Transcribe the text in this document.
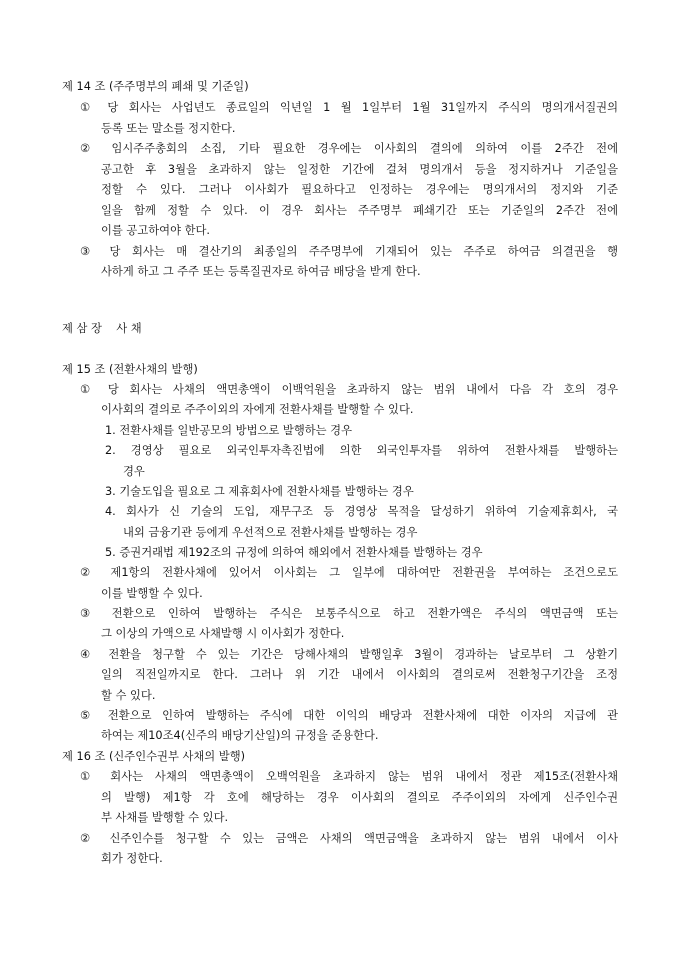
제 14 조 (주주명부의 폐쇄 및 기준일)
① 당 회사는 사업년도 종료일의 익년일 1 월 1일부터 1월 31일까지 주식의 명의개서질권의
등록 또는 말소를 정지한다.
② 임시주주총회의 소집, 기타 필요한 경우에는 이사회의 결의에 의하여 이를 2주간 전에
공고한 후 3월을 초과하지 않는 일정한 기간에 걸쳐 명의개서 등을 정지하거나 기준일을
정할 수 있다. 그러나 이사회가 필요하다고 인정하는 경우에는 명의개서의 정지와 기준
일을 함께 정할 수 있다. 이 경우 회사는 주주명부 폐쇄기간 또는 기준일의 2주간 전에
이를 공고하여야 한다.
③ 당 회사는 매 결산기의 최종일의 주주명부에 기재되어 있는 주주로 하여금 의결권을 행
사하게 하고 그 주주 또는 등록질권자로 하여금 배당을 받게 한다.
제 삼 장    사 채
제 15 조 (전환사채의 발행)
① 당 회사는 사채의 액면총액이 이백억원을 초과하지 않는 범위 내에서 다음 각 호의 경우
이사회의 결의로 주주이외의 자에게 전환사채를 발행할 수 있다.
1. 전환사채를 일반공모의 방법으로 발행하는 경우
2. 경영상 필요로 외국인투자촉진법에 의한 외국인투자를 위하여 전환사채를 발행하는
경우
3. 기술도입을 필요로 그 제휴회사에 전환사채를 발행하는 경우
4. 회사가 신 기술의 도입, 재무구조 등 경영상 목적을 달성하기 위하여 기술제휴회사, 국
내외 금융기관 등에게 우선적으로 전환사채를 발행하는 경우
5. 증권거래법 제192조의 규정에 의하여 해외에서 전환사채를 발행하는 경우
② 제1항의 전환사채에 있어서 이사회는 그 일부에 대하여만 전환권을 부여하는 조건으로도
이를 발행할 수 있다.
③ 전환으로 인하여 발행하는 주식은 보통주식으로 하고 전환가액은 주식의 액면금액 또는
그 이상의 가액으로 사채발행 시 이사회가 정한다.
④ 전환을 청구할 수 있는 기간은 당해사채의 발행일후 3월이 경과하는 날로부터 그 상환기
일의 직전일까지로 한다. 그러나 위 기간 내에서 이사회의 결의로써 전환청구기간을 조정
할 수 있다.
⑤ 전환으로 인하여 발행하는 주식에 대한 이익의 배당과 전환사채에 대한 이자의 지급에 관
하여는 제10조4(신주의 배당기산일)의 규정을 준용한다.
제 16 조 (신주인수권부 사채의 발행)
① 회사는 사채의 액면총액이 오백억원을 초과하지 않는 범위 내에서 정관 제15조(전환사채
의 발행) 제1항 각 호에 해당하는 경우 이사회의 결의로 주주이외의 자에게 신주인수권
부 사채를 발행할 수 있다.
② 신주인수를 청구할 수 있는 금액은 사채의 액면금액을 초과하지 않는 범위 내에서 이사
회가 정한다.
